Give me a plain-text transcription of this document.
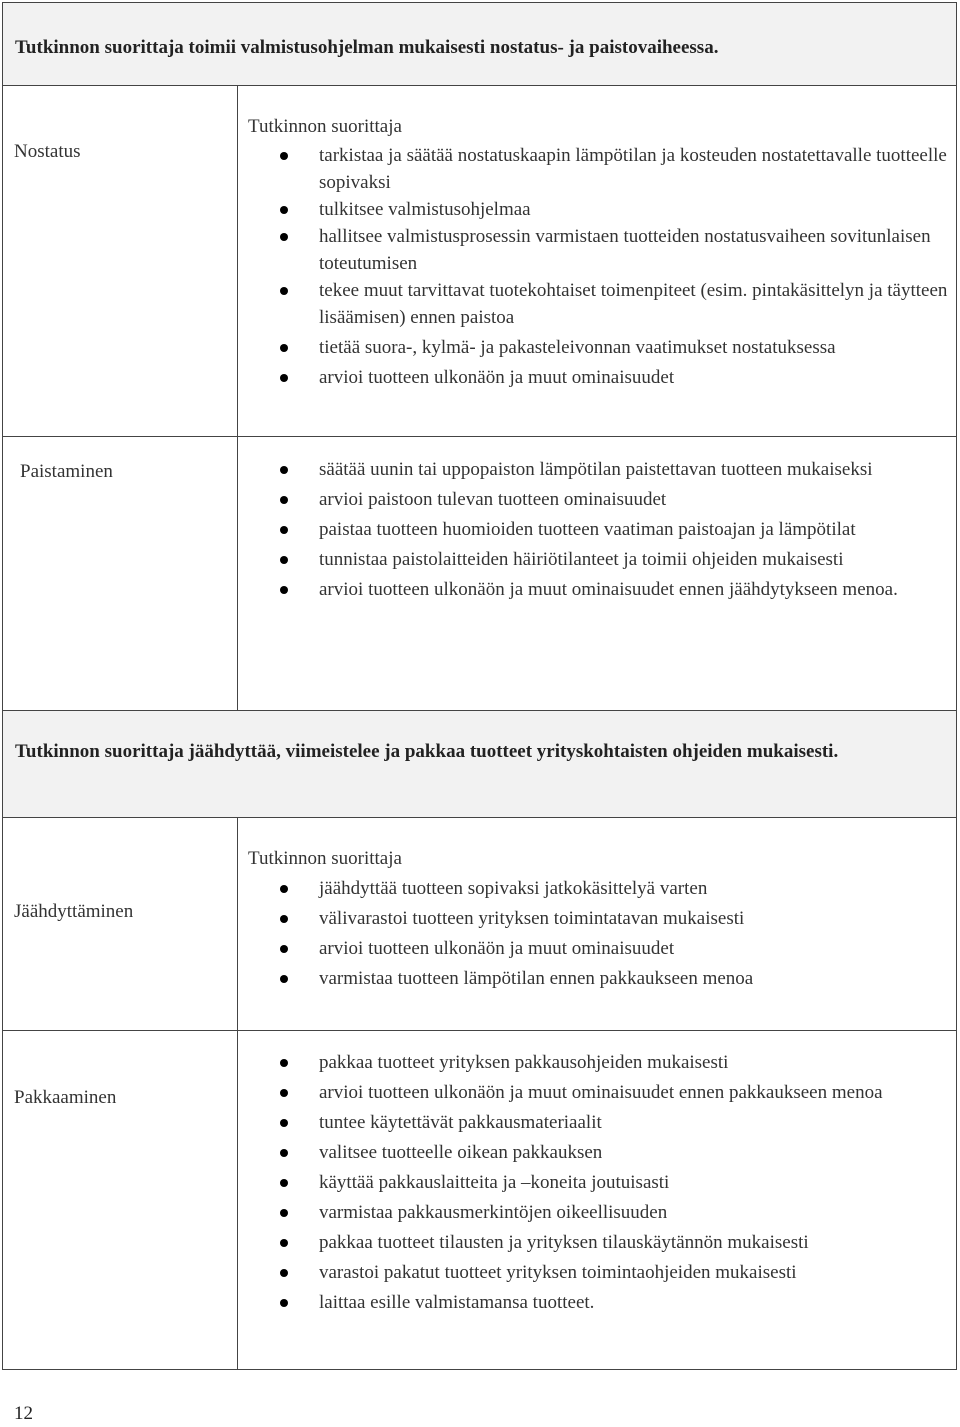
Tutkinnon suorittaja toimii valmistusohjelman mukaisesti nostatus- ja paistovaiheessa.
Nostatus
Tutkinnon suorittaja
tarkistaa ja säätää nostatuskaapin lämpötilan ja kosteuden nostatettavalle tuotteelle sopivaksi
tulkitsee valmistusohjelmaa
hallitsee valmistusprosessin varmistaen tuotteiden nostatusvaiheen sovitunlaisen toteutumisen
tekee muut tarvittavat tuotekohtaiset toimenpiteet (esim. pintakäsittelyn ja täytteen lisäämisen) ennen paistoa
tietää suora-, kylmä- ja pakasteleivonnan vaatimukset nostatuksessa
arvioi tuotteen ulkonäön ja muut ominaisuudet
Paistaminen	säätää uunin tai uppopaiston lämpötilan paistettavan tuotteen mukaiseksi
arvioi paistoon tulevan tuotteen ominaisuudet
paistaa tuotteen huomioiden tuotteen vaatiman paistoajan ja lämpötilat
tunnistaa paistolaitteiden häiriötilanteet ja toimii ohjeiden mukaisesti
arvioi tuotteen ulkonäön ja muut ominaisuudet ennen jäähdytykseen menoa.
Tutkinnon suorittaja jäähdyttää, viimeistelee ja pakkaa tuotteet yrityskohtaisten ohjeiden mukaisesti.
Jäähdyttäminen
Tutkinnon suorittaja
jäähdyttää tuotteen sopivaksi jatkokäsittelyä varten
välivarastoi tuotteen yrityksen toimintatavan mukaisesti
arvioi tuotteen ulkonäön ja muut ominaisuudet
varmistaa tuotteen lämpötilan ennen pakkaukseen menoa
Pakkaaminen
pakkaa tuotteet yrityksen pakkausohjeiden mukaisesti
arvioi tuotteen ulkonäön ja muut ominaisuudet ennen pakkaukseen menoa
tuntee käytettävät pakkausmateriaalit
valitsee tuotteelle oikean pakkauksen
käyttää pakkauslaitteita ja –koneita joutuisasti
varmistaa pakkausmerkintöjen oikeellisuuden
pakkaa tuotteet tilausten ja yrityksen tilauskäytännön mukaisesti
varastoi pakatut tuotteet yrityksen toimintaohjeiden mukaisesti
laittaa esille valmistamansa tuotteet.
12
